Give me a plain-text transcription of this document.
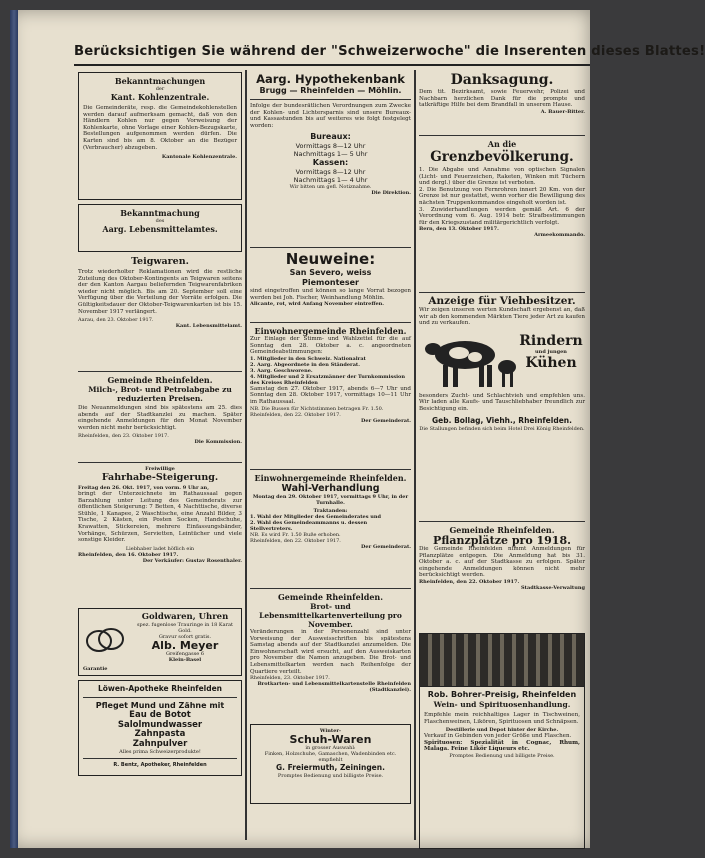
Berücksichtigen Sie während der "Schweizerwoche" die Inserenten dieses Blattes!
Bekanntmachungen
der
Kant. Kohlenzentrale.
Die Gemeinderäte, resp. die Gemeindekohlenstellen werden darauf aufmerksam gemacht, daß von den Händlern Kohlen nur gegen Vorweisung der Kohlenkarte, ohne Vorlage einer Kohlen-Bezugskarte, Bestellungen aufgenommen werden dürfen. Die Karten sind bis am 8. Oktober an die Bezüger (Verbraucher) abzugeben.
Kantonale Kohlenzentrale.
Bekanntmachung
des
Aarg. Lebensmittelamtes.
Teigwaren.
Trotz wiederholter Reklamationen wird die restliche Zuteilung des Oktober-Kontingents an Teigwaren seitens der den Kanton Aargau beliefernden Teigwarenfabriken wieder nicht möglich. Bis am 20. September soll eine Verfügung über die Verteilung der Vorräte erfolgen. Die Gültigkeitsdauer der Oktober-Teigwarenkarten ist bis 15. November 1917 verlängert.
Aarau, den 23. Oktober 1917.
Kant. Lebensmittelamt.
Gemeinde Rheinfelden.
Milch-, Brot- und Petrolabgabe zu reduzierten Preisen.
Die Neuanmeldungen sind bis spätestens am 25. dies abends auf der Stadtkanzlei zu machen. Später eingehende Anmeldungen für den Monat November werden nicht mehr berücksichtigt.
Rheinfelden, den 23. Oktober 1917.
Die Kommission.
Freiwillige
Fahrhabe-Steigerung.
Freitag den 26. Okt. 1917, von vorm. 9 Uhr an,
bringt der Unterzeichnete im Rathaussaal gegen Barzahlung unter Leitung des Gemeinderats zur öffentlichen Steigerung: 7 Betten, 4 Nachttische, diverse Stühle, 1 Kanapee, 2 Waschtische, eine Anzahl Bilder, 3 Tische, 2 Kästen, ein Posten Socken, Handschuhe, Krawatten, Stickereien, mehrere Einfassungsbänder, Vorhänge, Schürzen, Servietten, Leintücher und viele sonstige Kleider.
Liebhaber ladet höflich ein
Rheinfelden, den 16. Oktober 1917.
Der Verkäufer: Gustav Rosenthaler.
Garantie
Goldwaren, Uhren
spez. fugenlose Trauringe in 18 Karat Gold.
Gravur sofort gratis.
Alb. Meyer
Greifengasse 6
Klein-Basel
Löwen-Apotheke Rheinfelden
Pfleget Mund und Zähne mit
Eau de Botot
Salolmundwasser
Zahnpasta
Zahnpulver
Alles prima Schweizerprodukte!
R. Bentz, Apotheker, Rheinfelden
Aarg. Hypothekenbank
Brugg — Rheinfelden — Möhlin.
Infolge der bundesrätlichen Verordnungen zum Zwecke der Kohlen- und Lichtersparnis sind unsere Bureaux- und Kassastunden bis auf weiteres wie folgt festgelegt worden:
Bureaux:
Vormittags 8—12 Uhr
Nachmittags 1— 5 Uhr
Kassen:
Vormittags 8—12 Uhr
Nachmittags 1— 4 Uhr
Wir bitten um gefl. Notiznahme.
Die Direktion.
Neuweine:
San Severo, weiss
Piemonteser
sind eingetroffen und können so lange Vorrat bezogen werden bei Joh. Fischer, Weinhandlung Möhlin.
Alicante, rot, wird Anfang November eintreffen.
Einwohnergemeinde Rheinfelden.
Zur Einlage der Stimm- und Wahlzettel für die auf Sonntag den 28. Oktober a. c. angeordneten Gemeindeabstimmungen:
1. Mitglieder in den Schweiz. Nationalrat
2. Aarg. Abgeordnete in den Ständerat.
3. Aarg. Geschworene.
4. Mitglieder und 2 Ersatzmänner der Turnkommission des Kreises Rheinfelden
Samstag den 27. Oktober 1917, abends 6—7 Uhr und Sonntag den 28. Oktober 1917, vormittags 10—11 Uhr im Rathaussaal.
NB. Die Bussen für Nichtstimmen betragen Fr. 1.50.
Rheinfelden, den 22. Oktober 1917.
Der Gemeinderat.
Einwohnergemeinde Rheinfelden.
Wahl-Verhandlung
Montag den 29. Oktober 1917, vormittags 9 Uhr, in der Turnhalle.
Traktanden:
1. Wahl der Mitglieder des Gemeinderates und
2. Wahl des Gemeindeammanns u. dessen Stellvertreters.
NB. Es wird Fr. 1.50 Buße erhoben.
Rheinfelden, den 22. Oktober 1917.
Der Gemeinderat.
Gemeinde Rheinfelden.
Brot- und Lebensmittelkartenverteilung pro November.
Veränderungen in der Personenzahl sind unter Vorweisung der Ausweisschriften bis spätestens Samstag abends auf der Stadtkanzlei anzumelden. Die Einwohnerschaft wird ersucht, auf den Ausweiskarten pro November die Namen anzugeben. Die Brot- und Lebensmittelkarten werden nach Reihenfolge der Quartiere verteilt.
Rheinfelden, 23. Oktober 1917.
Brotkarten- und Lebensmittelkartenstelle Rheinfelden (Stadtkanzlei).
Winter-
Schuh-Waren
in grosser Auswahl:
Finken, Holzschuhe, Gamaschen, Wadenbinden etc. empfiehlt
G. Freiermuth, Zeiningen.
Promptes Bedienung und billigste Preise.
Danksagung.
Dem tit. Bezirksamt, sowie Feuerwehr, Polizei und Nachbarn herzlichen Dank für die prompte und tatkräftige Hilfe bei dem Brandfall in unserem Hause.
A. Bauer-Bitter.
An die
Grenzbevölkerung.
1. Die Abgabe und Annahme von optischen Signalen (Licht- und Feuerzeichen, Raketen, Winken mit Tüchern und dergl.) über die Grenze ist verboten.
2. Die Benutzung von Fernrohren innert 20 Km. von der Grenze ist nur gestattet, wenn vorher die Bewilligung des nächsten Truppenkommandos eingeholt worden ist.
3. Zuwiderhandlungen werden gemäß Art. 6 der Verordnung vom 6. Aug. 1914 betr. Strafbestimmungen für den Kriegszustand militärgerichtlich verfolgt.
Bern, den 13. Oktober 1917.
Armeekommando.
Anzeige für Viehbesitzer.
Wir zeigen unseren werten Kundschaft ergebenst an, daß wir ab den kommenden Märkten Tiere jeder Art zu kaufen und zu verkaufen.
Rindern
und jungen
Kühen
besonders Zucht- und Schlachtvieh und empfehlen uns. Wir laden alle Kaufs- und Tauschliebhaber freundlich zur Besichtigung ein.
Geb. Bollag, Viehh., Rheinfelden.
Die Stallungen befinden sich beim Hotel Drei König Rheinfelden.
Gemeinde Rheinfelden.
Pflanzplätze pro 1918.
Die Gemeinde Rheinfelden nimmt Anmeldungen für Pflanzplätze entgegen. Die Anmeldung hat bis 31. Oktober a. c. auf der Stadtkasse zu erfolgen. Später eingehende Anmeldungen können nicht mehr berücksichtigt werden.
Rheinfelden, den 22. Oktober 1917.
Stadtkasse-Verwaltung
Rob. Bohrer-Preisig, Rheinfelden
Wein- und Spirituosenhandlung.
Empfehle mein reichhaltiges Lager in Tischweinen, Flaschenweinen, Likören, Spirituosen und Schnäpsen.
Destillerie und Depot hinter der Kirche.
Verkauf in Gebinden von jeder Größe und Flaschen.
Spirituosen: Spezialität in Cognac, Rhum, Malaga. Feine Likör Liqueurs etc.
Promptes Bedienung und billigste Preise.
